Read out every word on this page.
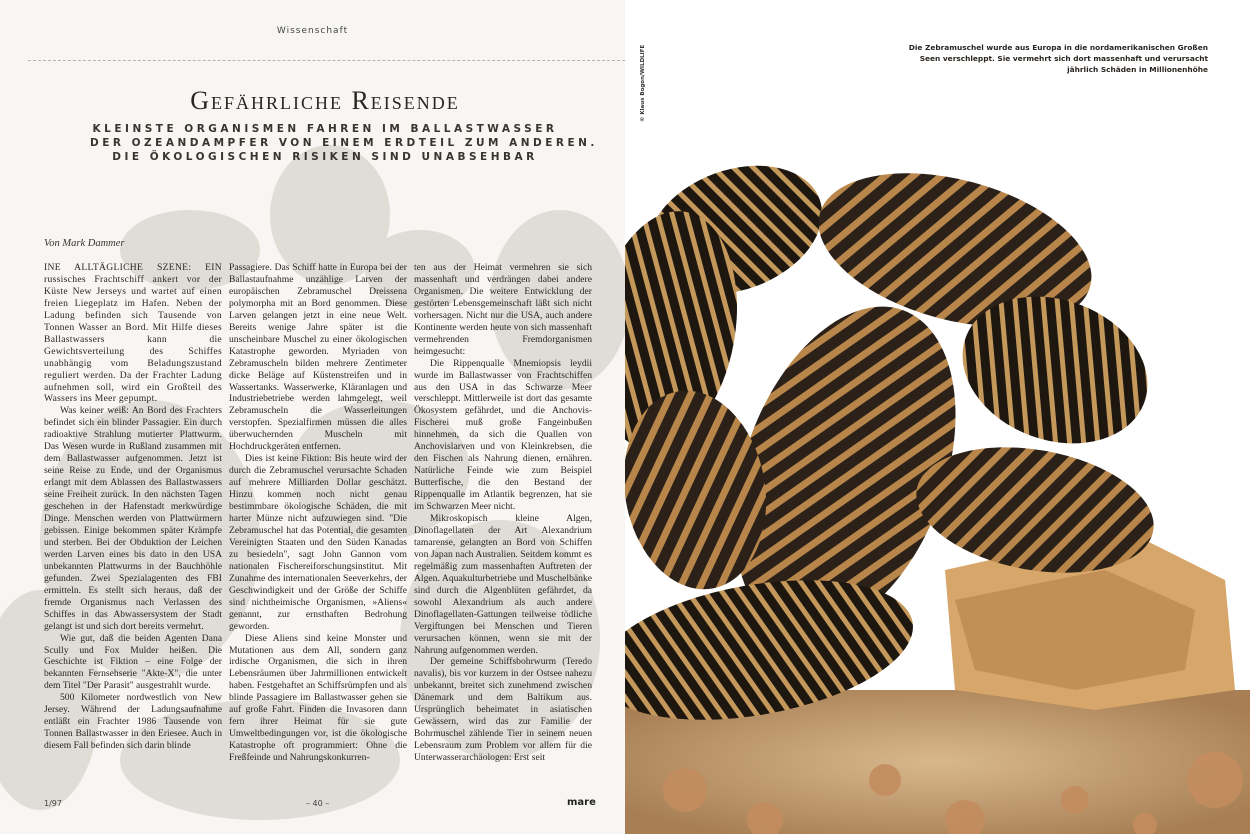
Wissenschaft
Gefährliche Reisende
KLEINSTE ORGANISMEN FAHREN IM BALLASTWASSER
DER OZEANDAMPFER VON EINEM ERDTEIL ZUM ANDEREN.
DIE ÖKOLOGISCHEN RISIKEN SIND UNABSEHBAR
Von Mark Dammer

INE ALLTÄGLICHE SZENE: EIN russisches Frachtschiff ankert vor der Küste New Jerseys und wartet auf einen freien Liegeplatz im Hafen. Neben der Ladung befinden sich Tausende von Tonnen Wasser an Bord. Mit Hilfe dieses Ballastwassers kann die Gewichtsverteilung des Schiffes unabhängig vom Beladungszustand reguliert werden. Da der Frachter Ladung aufnehmen soll, wird ein Großteil des Wassers ins Meer gepumpt.

Was keiner weiß: An Bord des Frachters befindet sich ein blinder Passagier. Ein durch radioaktive Strahlung mutierter Plattwurm. Das Wesen wurde in Rußland zusammen mit dem Ballastwasser aufgenommen. Jetzt ist seine Reise zu Ende, und der Organismus erlangt mit dem Ablassen des Ballastwassers seine Freiheit zurück. In den nächsten Tagen geschehen in der Hafenstadt merkwürdige Dinge. Menschen werden von Plattwürmern gebissen. Einige bekommen später Krämpfe und sterben. Bei der Obduktion der Leichen werden Larven eines bis dato in den USA unbekannten Plattwurms in der Bauchhöhle gefunden. Zwei Spezialagenten des FBI ermitteln. Es stellt sich heraus, daß der fremde Organismus nach Verlassen des Schiffes in das Abwassersystem der Stadt gelangt ist und sich dort bereits vermehrt.

Wie gut, daß die beiden Agenten Dana Scully und Fox Mulder heißen. Die Geschichte ist Fiktion – eine Folge der bekannten Fernsehserie "Akte-X", die unter dem Titel "Der Parasit" ausgestrahlt wurde.

500 Kilometer nordwestlich von New Jersey. Während der Ladungsaufnahme entläßt ein Frachter 1986 Tausende von Tonnen Ballastwasser in den Eriesee. Auch in diesem Fall befinden sich darin blinde

Passagiere. Das Schiff hatte in Europa bei der Ballastaufnahme unzählige Larven der europäischen Zebramuschel Dreissena polymorpha mit an Bord genommen. Diese Larven gelangen jetzt in eine neue Welt. Bereits wenige Jahre später ist die unscheinbare Muschel zu einer ökologischen Katastrophe geworden. Myriaden von Zebramuscheln bilden mehrere Zentimeter dicke Beläge auf Küstenstreifen und in Wassertanks. Wasserwerke, Kläranlagen und Industriebetriebe werden lahmgelegt, weil Zebramuscheln die Wasserleitungen verstopfen. Spezialfirmen müssen die alles überwuchernden Muscheln mit Hochdruckgeräten entfernen.

Dies ist keine Fiktion: Bis heute wird der durch die Zebramuschel verursachte Schaden auf mehrere Milliarden Dollar geschätzt. Hinzu kommen noch nicht genau bestimmbare ökologische Schäden, die mit harter Münze nicht aufzuwiegen sind. "Die Zebramuschel hat das Potential, die gesamten Vereinigten Staaten und den Süden Kanadas zu besiedeln", sagt John Gannon vom nationalen Fischereiforschungsinstitut. Mit Zunahme des internationalen Seeverkehrs, der Geschwindigkeit und der Größe der Schiffe sind nichtheimische Organismen, »Aliens« genannt, zur ernsthaften Bedrohung geworden.

Diese Aliens sind keine Monster und Mutationen aus dem All, sondern ganz irdische Organismen, die sich in ihren Lebensräumen über Jahrmillionen entwickelt haben. Festgehaftet an Schiffsrümpfen und als blinde Passagiere im Ballastwasser gehen sie auf große Fahrt. Finden die Invasoren dann fern ihrer Heimat für sie gute Umweltbedingungen vor, ist die ökologische Katastrophe oft programmiert: Ohne die Freßfeinde und Nahrungskonkurren-

ten aus der Heimat vermehren sie sich massenhaft und verdrängen dabei andere Organismen. Die weitere Entwicklung der gestörten Lebensgemeinschaft läßt sich nicht vorhersagen. Nicht nur die USA, auch andere Kontinente werden heute von sich massenhaft vermehrenden Fremdorganismen heimgesucht:

Die Rippenqualle Mnemiopsis leydii wurde im Ballastwasser von Frachtschiffen aus den USA in das Schwarze Meer verschleppt. Mittlerweile ist dort das gesamte Ökosystem gefährdet, und die Anchovis-Fischerei muß große Fangeinbußen hinnehmen, da sich die Quallen von Anchovislarven und von Kleinkrebsen, die den Fischen als Nahrung dienen, ernähren. Natürliche Feinde wie zum Beispiel Butterfische, die den Bestand der Rippenqualle im Atlantik begrenzen, hat sie im Schwarzen Meer nicht.

Mikroskopisch kleine Algen, Dinoflagellaten der Art Alexandrium tamarense, gelangten an Bord von Schiffen von Japan nach Australien. Seitdem kommt es regelmäßig zum massenhaften Auftreten der Algen. Aquakulturbetriebe und Muschelbänke sind durch die Algenblüten gefährdet, da sowohl Alexandrium als auch andere Dinoflagellaten-Gattungen teilweise tödliche Vergiftungen bei Menschen und Tieren verursachen können, wenn sie mit der Nahrung aufgenommen werden.

Der gemeine Schiffsbohrwurm (Teredo navalis), bis vor kurzem in der Ostsee nahezu unbekannt, breitet sich zunehmend zwischen Dänemark und dem Baltikum aus. Ursprünglich beheimatet in asiatischen Gewässern, wird das zur Familie der Bohrmuschel zählende Tier in seinem neuen Lebensraum zum Problem vor allem für die Unterwasserarchäologen: Erst seit

1/97	– 40 –	mare
© Klaus Bogon/WILDLIFE	Die Zebramuschel wurde aus Europa in die nordamerikanischen Großen Seen verschleppt. Sie vermehrt sich dort massenhaft und verursacht jährlich Schäden in Millionenhöhe
